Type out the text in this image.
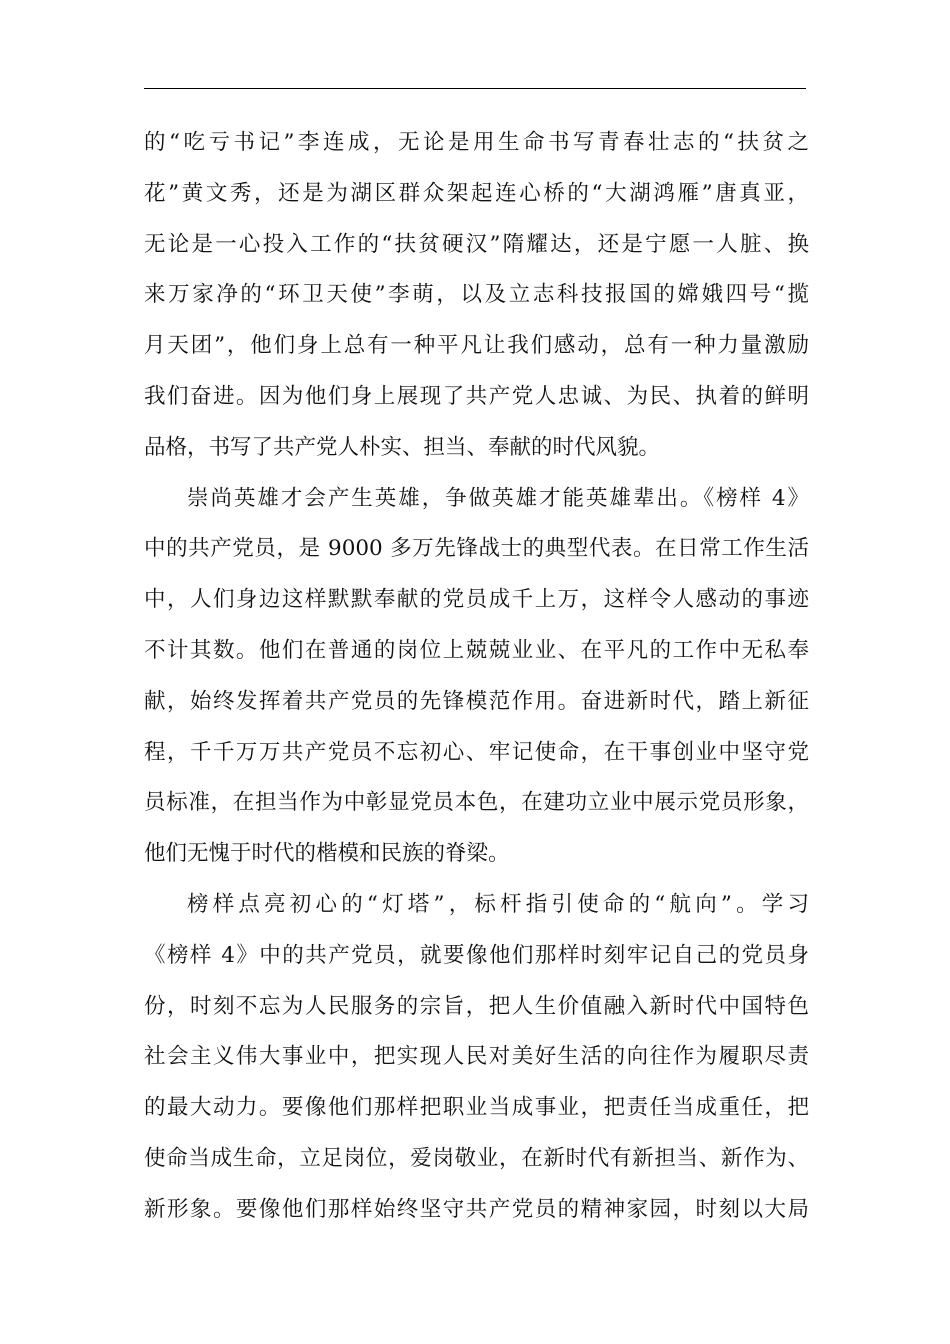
的“吃亏书记”李连成，无论是用生命书写青春壮志的“扶贫之
花”黄文秀，还是为湖区群众架起连心桥的“大湖鸿雁”唐真亚，
无论是一心投入工作的“扶贫硬汉”隋耀达，还是宁愿一人脏、换
来万家净的“环卫天使”李萌，以及立志科技报国的嫦娥四号“揽
月天团”，他们身上总有一种平凡让我们感动，总有一种力量激励
我们奋进。因为他们身上展现了共产党人忠诚、为民、执着的鲜明
品格，书写了共产党人朴实、担当、奉献的时代风貌。
崇尚英雄才会产生英雄，争做英雄才能英雄辈出。《榜样 4》
中的共产党员，是 9000 多万先锋战士的典型代表。在日常工作生活
中，人们身边这样默默奉献的党员成千上万，这样令人感动的事迹
不计其数。他们在普通的岗位上兢兢业业、在平凡的工作中无私奉
献，始终发挥着共产党员的先锋模范作用。奋进新时代，踏上新征
程，千千万万共产党员不忘初心、牢记使命，在干事创业中坚守党
员标准，在担当作为中彰显党员本色，在建功立业中展示党员形象，
他们无愧于时代的楷模和民族的脊梁。
榜样点亮初心的“灯塔”，标杆指引使命的“航向”。学习
《榜样 4》中的共产党员，就要像他们那样时刻牢记自己的党员身
份，时刻不忘为人民服务的宗旨，把人生价值融入新时代中国特色
社会主义伟大事业中，把实现人民对美好生活的向往作为履职尽责
的最大动力。要像他们那样把职业当成事业，把责任当成重任，把
使命当成生命，立足岗位，爱岗敬业，在新时代有新担当、新作为、
新形象。要像他们那样始终坚守共产党员的精神家园，时刻以大局
